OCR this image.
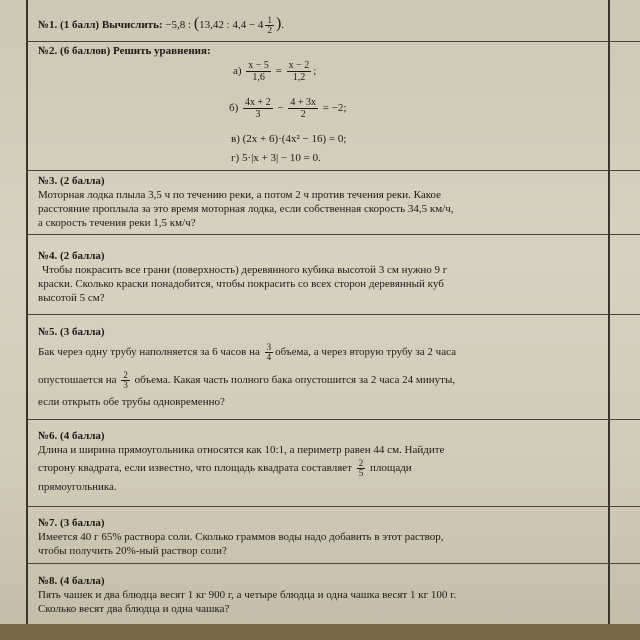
№1. (1 балл) Вычислить: −5,8 : (13,42 : $4,4 - 4 \frac{1}{2}$ ).
№2. (6 баллов) Решить уравнения:
$а) \frac{x - 5}{1,6} = \frac{x - 2}{1,2}$ ;
$б) \frac{4x + 2}{3} - \frac{4 + 3x}{2} = -2$;
в) (2x + 6)·(4x² − 16) = 0;
г) 5·|x + 3| − 10 = 0.
№3. (2 балла)
Моторная лодка плыла 3,5 ч по течению реки, а потом 2 ч против течения реки. Какое
расстояние проплыла за это время моторная лодка, если собственная скорость 34,5 км/ч,
а скорость течения реки 1,5 км/ч?
№4. (2 балла)
Чтобы покрасить все грани (поверхность) деревянного кубика высотой 3 см нужно 9 г
краски. Сколько краски понадобится, чтобы покрасить со всех сторон деревянный куб
высотой 5 см?
№5. (3 балла)
Бак через одну трубу наполняется за 6 часов на $\frac{3}{4}$ объема, а через вторую трубу за 2 часа
опустошается на $\frac{2}{3}$ объема. Какая часть полного бака опустошится за 2 часа 24 минуты,
если открыть обе трубы одновременно?
№6. (4 балла)
Длина и ширина прямоугольника относятся как 10:1, а периметр равен 44 см. Найдите
сторону квадрата, если известно, что площадь квадрата составляет $\frac{2}{5}$ площади
прямоугольника.
№7. (3 балла)
Имеется 40 г 65% раствора соли. Сколько граммов воды надо добавить в этот раствор,
чтобы получить 20%-ный раствор соли?
№8. (4 балла)
Пять чашек и два блюдца весят 1 кг 900 г, а четыре блюдца и одна чашка весят 1 кг 100 г.
Сколько весят два блюдца и одна чашка?
